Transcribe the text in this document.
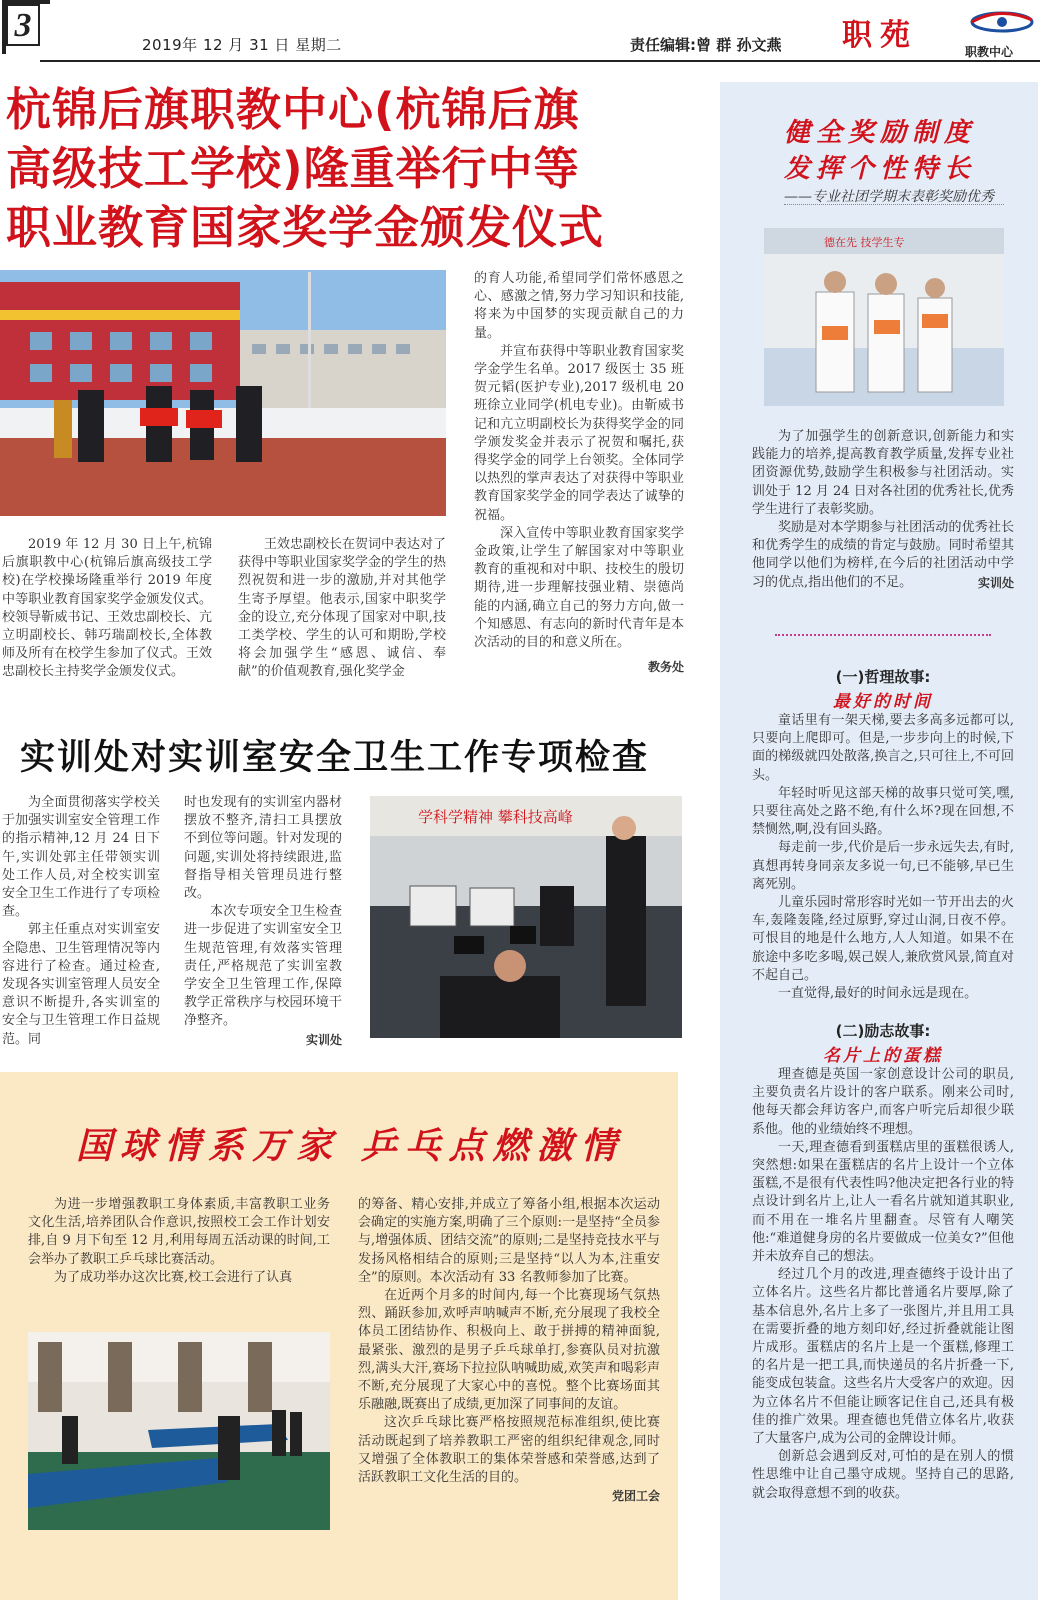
3
2019年 12 月 31 日 星期二	责任编辑:曾 群 孙文燕 职苑	职教中心
杭锦后旗职教中心(杭锦后旗
高级技工学校)隆重举行中等
职业教育国家奖学金颁发仪式
2019 年 12 月 30 日上午,杭锦后旗职教中心(杭锦后旗高级技工学校)在学校操场隆重举行 2019 年度中等职业教育国家奖学金颁发仪式。校领导靳威书记、王效忠副校长、亢立明副校长、韩巧瑞副校长,全体教师及所有在校学生参加了仪式。王效忠副校长主持奖学金颁发仪式。
王效忠副校长在贺词中表达对了获得中等职业国家奖学金的学生的热烈祝贺和进一步的激励,并对其他学生寄予厚望。他表示,国家中职奖学金的设立,充分体现了国家对中职,技工类学校、学生的认可和期盼,学校将会加强学生“感恩、诚信、奉献”的价值观教育,强化奖学金
的育人功能,希望同学们常怀感恩之心、感激之情,努力学习知识和技能,将来为中国梦的实现贡献自己的力量。
并宣布获得中等职业教育国家奖学金学生名单。2017 级医士 35 班贺元韬(医护专业),2017 级机电 20 班徐立业同学(机电专业)。由靳威书记和亢立明副校长为获得奖学金的同学颁发奖金并表示了祝贺和嘱托,获得奖学金的同学上台领奖。全体同学以热烈的掌声表达了对获得中等职业教育国家奖学金的同学表达了诚挚的祝福。
深入宣传中等职业教育国家奖学金政策,让学生了解国家对中等职业教育的重视和对中职、技校生的殷切期待,进一步理解技强业精、崇德尚能的内涵,确立自己的努力方向,做一个知感恩、有志向的新时代青年是本次活动的目的和意义所在。
教务处
实训处对实训室安全卫生工作专项检查
为全面贯彻落实学校关于加强实训室安全管理工作的指示精神,12 月 24 日下午,实训处郭主任带领实训处工作人员,对全校实训室安全卫生工作进行了专项检查。
郭主任重点对实训室安全隐患、卫生管理情况等内容进行了检查。通过检查,发现各实训室管理人员安全意识不断提升,各实训室的安全与卫生管理工作日益规范。同
时也发现有的实训室内器材摆放不整齐,清扫工具摆放不到位等问题。针对发现的问题,实训处将持续跟进,监督指导相关管理员进行整改。
本次专项安全卫生检查进一步促进了实训室安全卫生规范管理,有效落实管理责任,严格规范了实训室教学安全卫生管理工作,保障教学正常秩序与校园环境干净整齐。
实训处
学科学精神 攀科技高峰
国球情系万家 乒乓点燃激情
为进一步增强教职工身体素质,丰富教职工业务文化生活,培养团队合作意识,按照校工会工作计划安排,自 9 月下旬至 12 月,利用每周五活动课的时间,工会举办了教职工乒乓球比赛活动。
为了成功举办这次比赛,校工会进行了认真
的筹备、精心安排,并成立了筹备小组,根据本次运动会确定的实施方案,明确了三个原则:一是坚持“全员参与,增强体质、团结交流”的原则;二是坚持竞技水平与发扬风格相结合的原则;三是坚持“以人为本,注重安全”的原则。本次活动有 33 名教师参加了比赛。
在近两个月多的时间内,每一个比赛现场气氛热烈、踊跃参加,欢呼声呐喊声不断,充分展现了我校全体员工团结协作、积极向上、敢于拼搏的精神面貌,最紧张、激烈的是男子乒乓球单打,参赛队员对抗激烈,满头大汗,赛场下拉拉队呐喊助威,欢笑声和喝彩声不断,充分展现了大家心中的喜悦。整个比赛场面其乐融融,既赛出了成绩,更加深了同事间的友谊。
这次乒乓球比赛严格按照规范标准组织,使比赛活动既起到了培养教职工严密的组织纪律观念,同时又增强了全体教职工的集体荣誉感和荣誉感,达到了活跃教职工文化生活的目的。
党团工会
健全奖励制度
发挥个性特长
——专业社团学期末表彰奖励优秀
德在先 技学生专
为了加强学生的创新意识,创新能力和实践能力的培养,提高教育教学质量,发挥专业社团资源优势,鼓励学生积极参与社团活动。实训处于 12 月 24 日对各社团的优秀社长,优秀学生进行了表彰奖励。
奖励是对本学期参与社团活动的优秀社长和优秀学生的成绩的肯定与鼓励。同时希望其他同学以他们为榜样,在今后的社团活动中学习的优点,指出他们的不足。	实训处
(一)哲理故事:
最好的时间
童话里有一架天梯,要去多高多远都可以,只要向上爬即可。但是,一步步向上的时候,下面的梯级就四处散落,换言之,只可往上,不可回头。
年轻时听见这部天梯的故事只觉可笑,嘿,只要往高处之路不绝,有什么坏?现在回想,不禁恻然,啊,没有回头路。
每走前一步,代价是后一步永远失去,有时,真想再转身同亲友多说一句,已不能够,早已生离死别。
儿童乐园时常形容时光如一节开出去的火车,轰隆轰隆,经过原野,穿过山洞,日夜不停。可恨目的地是什么地方,人人知道。如果不在旅途中多吃多喝,娱己娱人,兼欣赏风景,简直对不起自己。
一直觉得,最好的时间永远是现在。
(二)励志故事:
名片上的蛋糕
理查德是英国一家创意设计公司的职员,主要负责名片设计的客户联系。刚来公司时,他每天都会拜访客户,而客户听完后却很少联系他。他的业绩始终不理想。
一天,理查德看到蛋糕店里的蛋糕很诱人,突然想:如果在蛋糕店的名片上设计一个立体蛋糕,不是很有代表性吗?他决定把各行业的特点设计到名片上,让人一看名片就知道其职业,而不用在一堆名片里翻查。尽管有人嘲笑他:“难道健身房的名片要做成一位美女?”但他并未放弃自己的想法。
经过几个月的改进,理查德终于设计出了立体名片。这些名片都比普通名片要厚,除了基本信息外,名片上多了一张图片,并且用工具在需要折叠的地方刻印好,经过折叠就能让图片成形。蛋糕店的名片上是一个蛋糕,修理工的名片是一把工具,而快递员的名片折叠一下,能变成包装盒。这些名片大受客户的欢迎。因为立体名片不但能让顾客记住自己,还具有极佳的推广效果。理查德也凭借立体名片,收获了大量客户,成为公司的金牌设计师。
创新总会遇到反对,可怕的是在别人的惯性思维中让自己墨守成规。坚持自己的思路,就会取得意想不到的收获。
